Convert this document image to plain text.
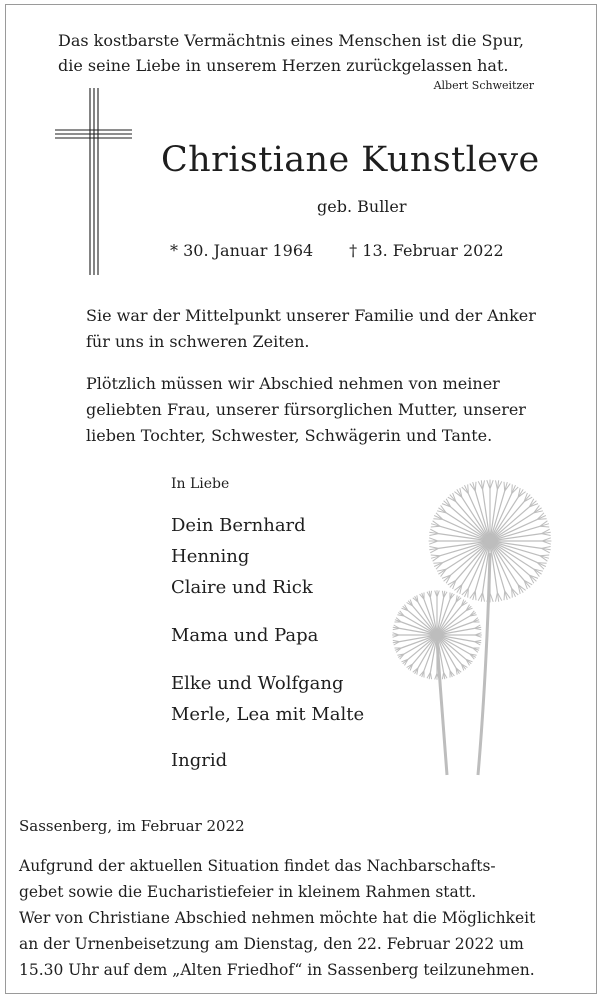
Das kostbarste Vermächtnis eines Menschen ist die Spur,
die seine Liebe in unserem Herzen zurückgelassen hat.
Albert Schweitzer
Christiane Kunstleve
geb. Buller
* 30. Januar 1964 † 13. Februar 2022
Sie war der Mittelpunkt unserer Familie und der Anker
für uns in schweren Zeiten.
Plötzlich müssen wir Abschied nehmen von meiner
geliebten Frau, unserer fürsorglichen Mutter, unserer
lieben Tochter, Schwester, Schwägerin und Tante.
In Liebe
Dein Bernhard
Henning
Claire und Rick
Mama und Papa
Elke und Wolfgang
Merle, Lea mit Malte
Ingrid
Sassenberg, im Februar 2022
Aufgrund der aktuellen Situation findet das Nachbarschafts-
gebet sowie die Eucharistiefeier in kleinem Rahmen statt.
Wer von Christiane Abschied nehmen möchte hat die Möglichkeit
an der Urnenbeisetzung am Dienstag, den 22. Februar 2022 um
15.30 Uhr auf dem „Alten Friedhof“ in Sassenberg teilzunehmen.
